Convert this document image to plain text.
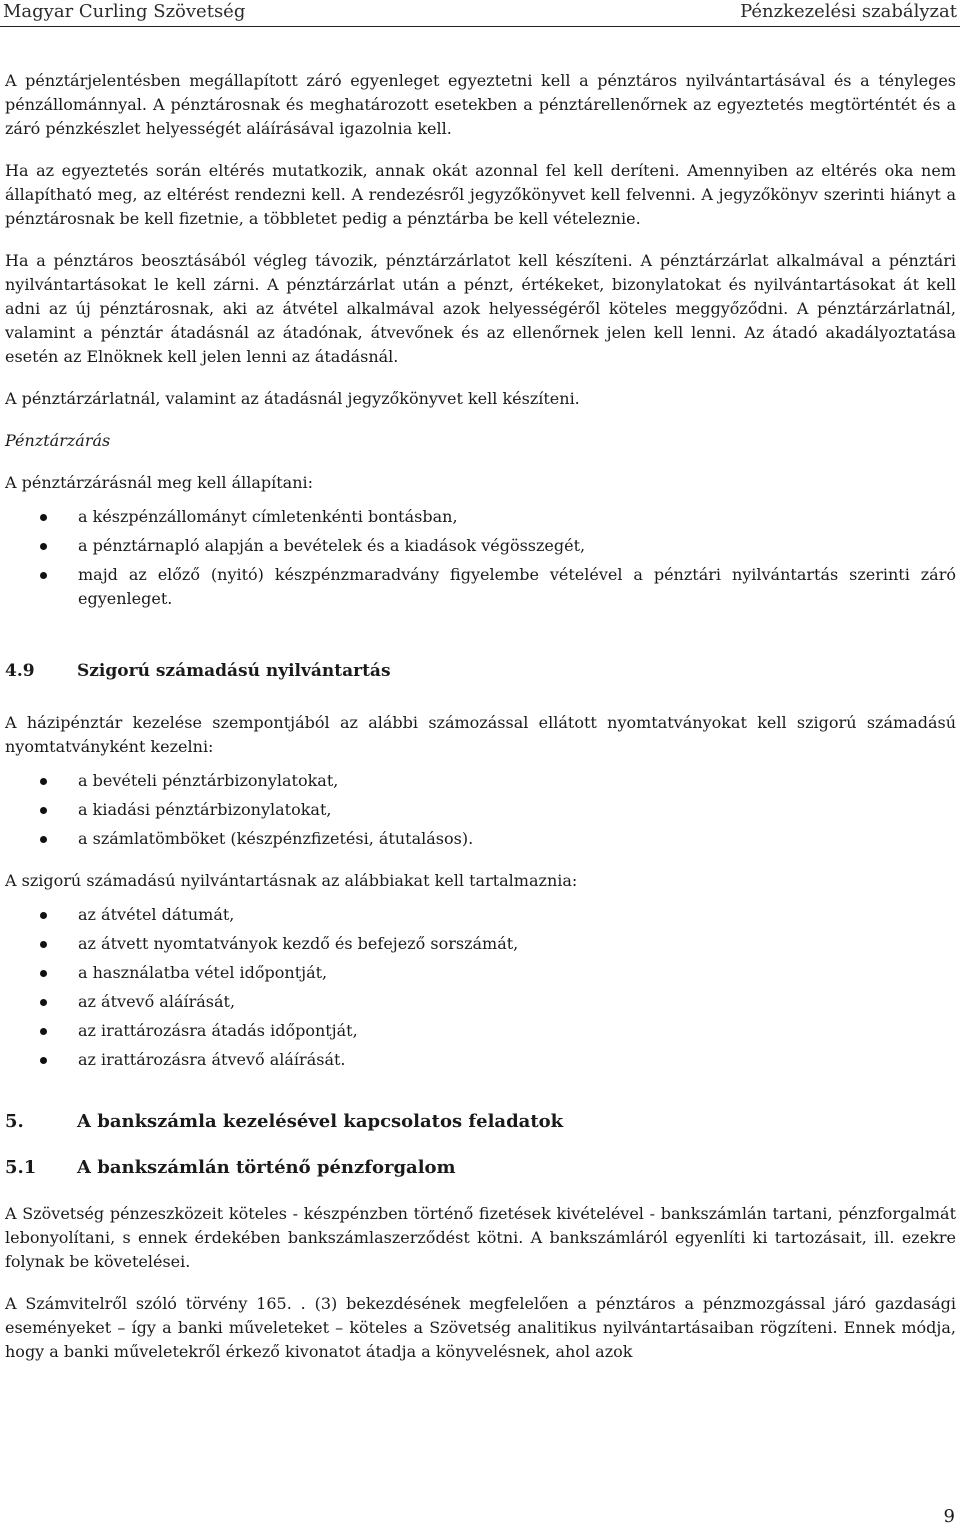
Magyar Curling Szövetség	Pénzkezelési szabályzat

A pénztárjelentésben megállapított záró egyenleget egyeztetni kell a pénztáros nyilvántartásával és a tényleges pénzállománnyal. A pénztárosnak és meghatározott esetekben a pénztárellenőrnek az egyeztetés megtörténtét és a záró pénzkészlet helyességét aláírásával igazolnia kell.

Ha az egyeztetés során eltérés mutatkozik, annak okát azonnal fel kell deríteni. Amennyiben az eltérés oka nem állapítható meg, az eltérést rendezni kell. A rendezésről jegyzőkönyvet kell felvenni. A jegyzőkönyv szerinti hiányt a pénztárosnak be kell fizetnie, a többletet pedig a pénztárba be kell vételeznie.

Ha a pénztáros beosztásából végleg távozik, pénztárzárlatot kell készíteni. A pénztárzárlat alkalmával a pénztári nyilvántartásokat le kell zárni. A pénztárzárlat után a pénzt, értékeket, bizonylatokat és nyilvántartásokat át kell adni az új pénztárosnak, aki az átvétel alkalmával azok helyességéről köteles meggyőződni. A pénztárzárlatnál, valamint a pénztár átadásnál az átadónak, átvevőnek és az ellenőrnek jelen kell lenni. Az átadó akadályoztatása esetén az Elnöknek kell jelen lenni az átadásnál.

A pénztárzárlatnál, valamint az átadásnál jegyzőkönyvet kell készíteni.

Pénztárzárás

A pénztárzárásnál meg kell állapítani:

a készpénzállományt címletenkénti bontásban,
a pénztárnapló alapján a bevételek és a kiadások végösszegét,
majd az előző (nyitó) készpénzmaradvány figyelembe vételével a pénztári nyilvántartás szerinti záró egyenleget.
4.9 Szigorú számadású nyilvántartás

A házipénztár kezelése szempontjából az alábbi számozással ellátott nyomtatványokat kell szigorú számadású nyomtatványként kezelni:

a bevételi pénztárbizonylatokat,
a kiadási pénztárbizonylatokat,
a számlatömböket (készpénzfizetési, átutalásos).

A szigorú számadású nyilvántartásnak az alábbiakat kell tartalmaznia:

az átvétel dátumát,
az átvett nyomtatványok kezdő és befejező sorszámát,
a használatba vétel időpontját,
az átvevő aláírását,
az irattározásra átadás időpontját,
az irattározásra átvevő aláírását.
5.	A bankszámla kezelésével kapcsolatos feladatok
5.1 A bankszámlán történő pénzforgalom

A Szövetség pénzeszközeit köteles - készpénzben történő fizetések kivételével - bankszámlán tartani, pénzforgalmát lebonyolítani, s ennek érdekében bankszámlaszerződést kötni. A bankszámláról egyenlíti ki tartozásait, ill. ezekre folynak be követelései.

A Számvitelről szóló törvény 165. . (3) bekezdésének megfelelően a pénztáros a pénzmozgással járó gazdasági eseményeket – így a banki műveleteket – köteles a Szövetség analitikus nyilvántartásaiban rögzíteni. Ennek módja, hogy a banki műveletekről érkező kivonatot átadja a könyvelésnek, ahol azok

9
